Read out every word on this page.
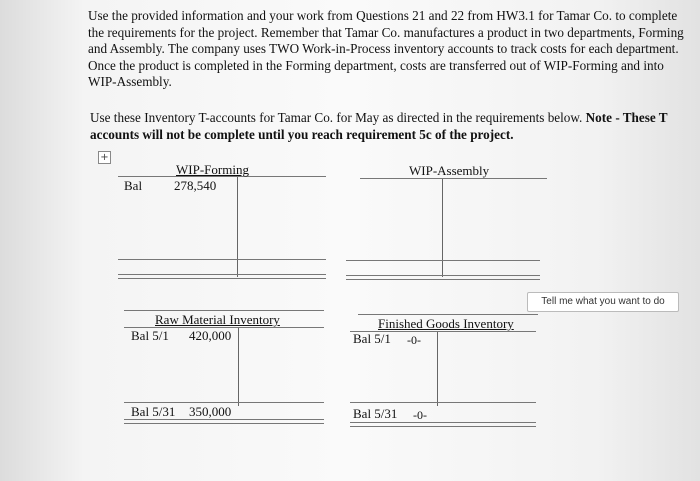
Use the provided information and your work from Questions 21 and 22 from HW3.1 for Tamar Co. to complete the requirements for the project. Remember that Tamar Co. manufactures a product in two departments, Forming and Assembly. The company uses TWO Work-in-Process inventory accounts to track costs for each department. Once the product is completed in the Forming department, costs are transferred out of WIP-Forming and into WIP-Assembly.

Use these Inventory T-accounts for Tamar Co. for May as directed in the requirements below. Note - These T accounts will not be complete until you reach requirement 5c of the project.

+
WIP-Forming
Bal 278,540
WIP-Assembly
Raw Material Inventory
Bal 5/1 420,000
Bal 5/31 350,000
Finished Goods Inventory
Bal 5/1 -0-
Bal 5/31 -0-
Tell me what you want to do
